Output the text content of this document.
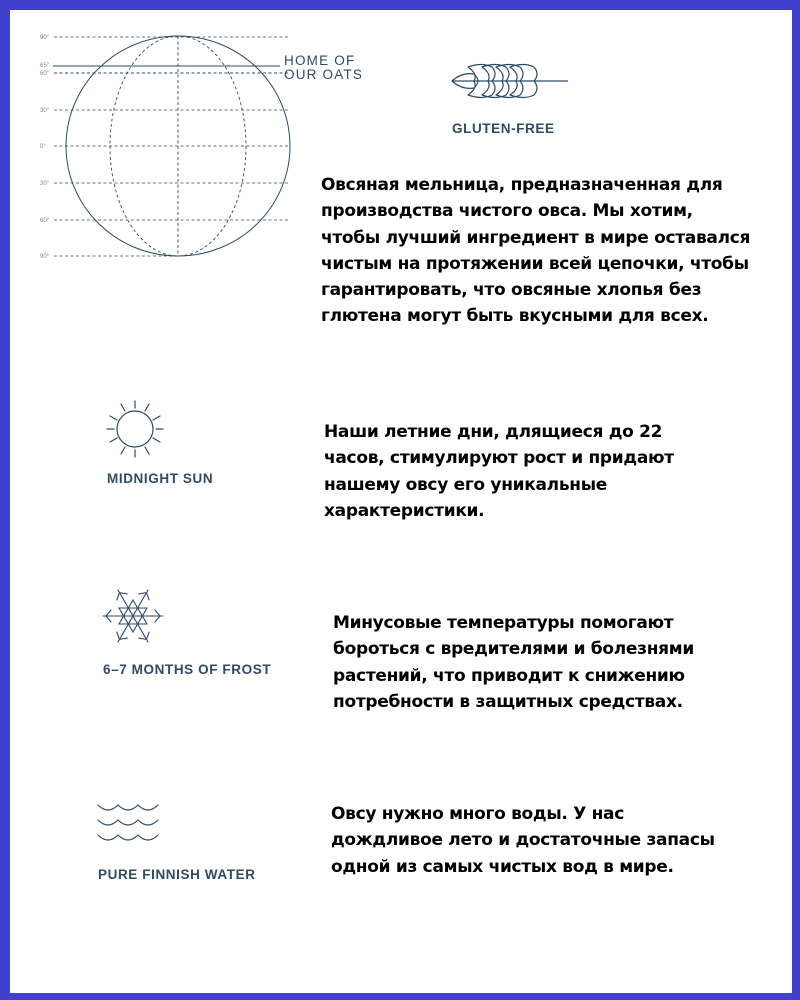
90°
65°
60°
30°
0°
30°
60°
90°
HOME OF
OUR OATS
GLUTEN-FREE
Овсяная мельница, предназначенная для производства чистого овса. Мы хотим, чтобы лучший ингредиент в мире оставался чистым на протяжении всей цепочки, чтобы гарантировать, что овсяные хлопья без глютена могут быть вкусными для всех.
MIDNIGHT SUN
Наши летние дни, длящиеся до 22 часов, стимулируют рост и придают нашему овсу его уникальные характеристики.
6–7 MONTHS OF FROST
Минусовые температуры помогают бороться с вредителями и болезнями растений, что приводит к снижению потребности в защитных средствах.
PURE FINNISH WATER
Овсу нужно много воды. У нас дождливое лето и достаточные запасы одной из самых чистых вод в мире.
